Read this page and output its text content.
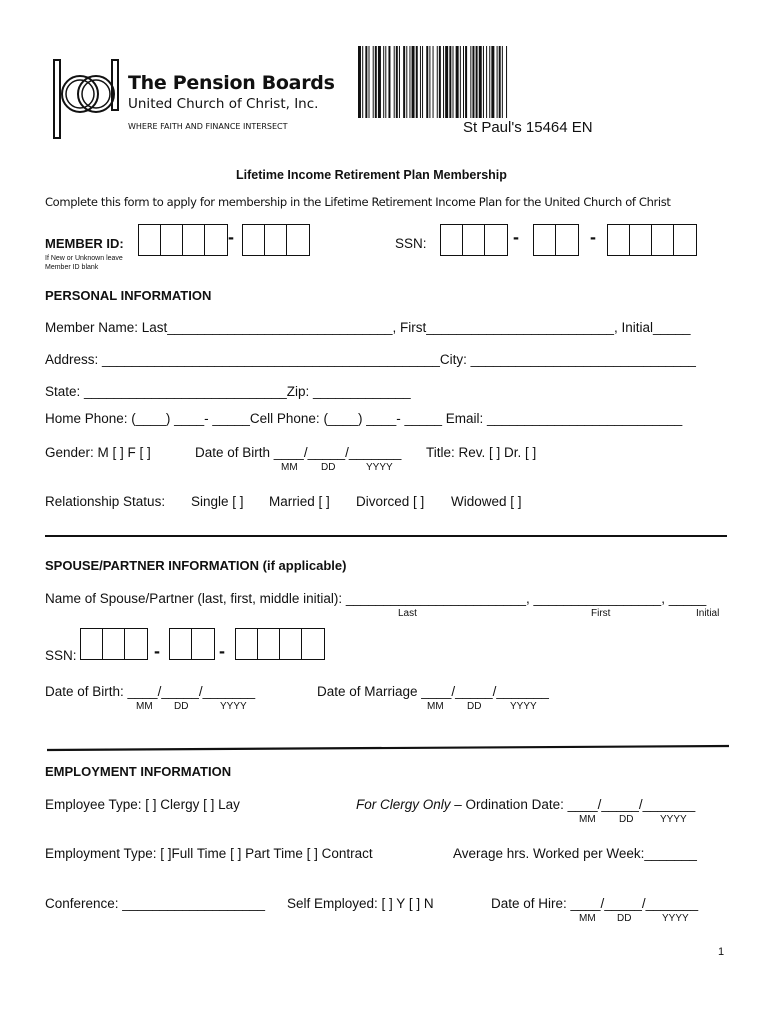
The Pension Boards
United Church of Christ, Inc.
WHERE FAITH AND FINANCE INTERSECT	St Paul's 15464 EN
Lifetime Income Retirement Plan Membership
Complete this form to apply for membership in the Lifetime Retirement Income Plan for the United Church of Christ
MEMBER ID:
If New or Unknown leave Member ID blank
-	SSN:	-	-
PERSONAL INFORMATION
Member Name: Last______________________________, First_________________________, Initial_____
Address: _____________________________________________City: ______________________________
State: ___________________________Zip: _____________
Home Phone: (____) ____- _____Cell Phone: (____) ____- _____ Email: __________________________
Gender: M [ ] F [ ]	Date of Birth ____/_____/_______ Title: Rev. [ ] Dr. [ ]
MM DD	YYYY
Relationship Status: Single [ ] Married [ ] Divorced [ ] Widowed [ ]
SPOUSE/PARTNER INFORMATION (if applicable)
Name of Spouse/Partner (last, first, middle initial): ________________________, _________________, _____
Last	First	Initial
SSN:	-	-
Date of Birth: ____/_____/_______
MM DD	YYYY
Date of Marriage ____/_____/_______
MM DD	YYYY
EMPLOYMENT INFORMATION
Employee Type: [ ] Clergy [ ] Lay	For Clergy Only – Ordination Date: ____/_____/_______
MM DD	YYYY
Employment Type: [ ]Full Time [ ] Part Time [ ] Contract	Average hrs. Worked per Week:_______
Conference: ___________________ Self Employed: [ ] Y [ ] N	Date of Hire: ____/_____/_______
MM DD	YYYY
1
